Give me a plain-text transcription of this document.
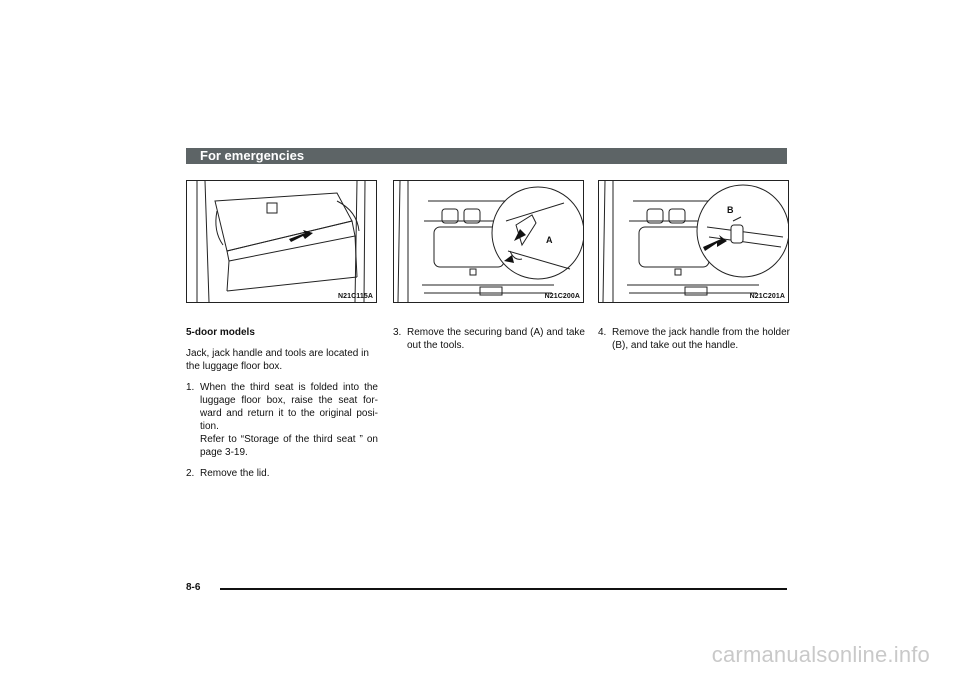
For emergencies
N21C115A
A
N21C200A
B
N21C201A

5-door models

Jack, jack handle and tools are located in the luggage floor box.

1. When the third seat is folded into the luggage floor box, raise the seat for- ward and return it to the original posi- tion.
Refer to “Storage of the third seat ” on page 3-19.
2. Remove the lid.
3. Remove the securing band (A) and take out the tools.
4. Remove the jack handle from the holder (B), and take out the handle.
8-6
carmanualsonline.info
